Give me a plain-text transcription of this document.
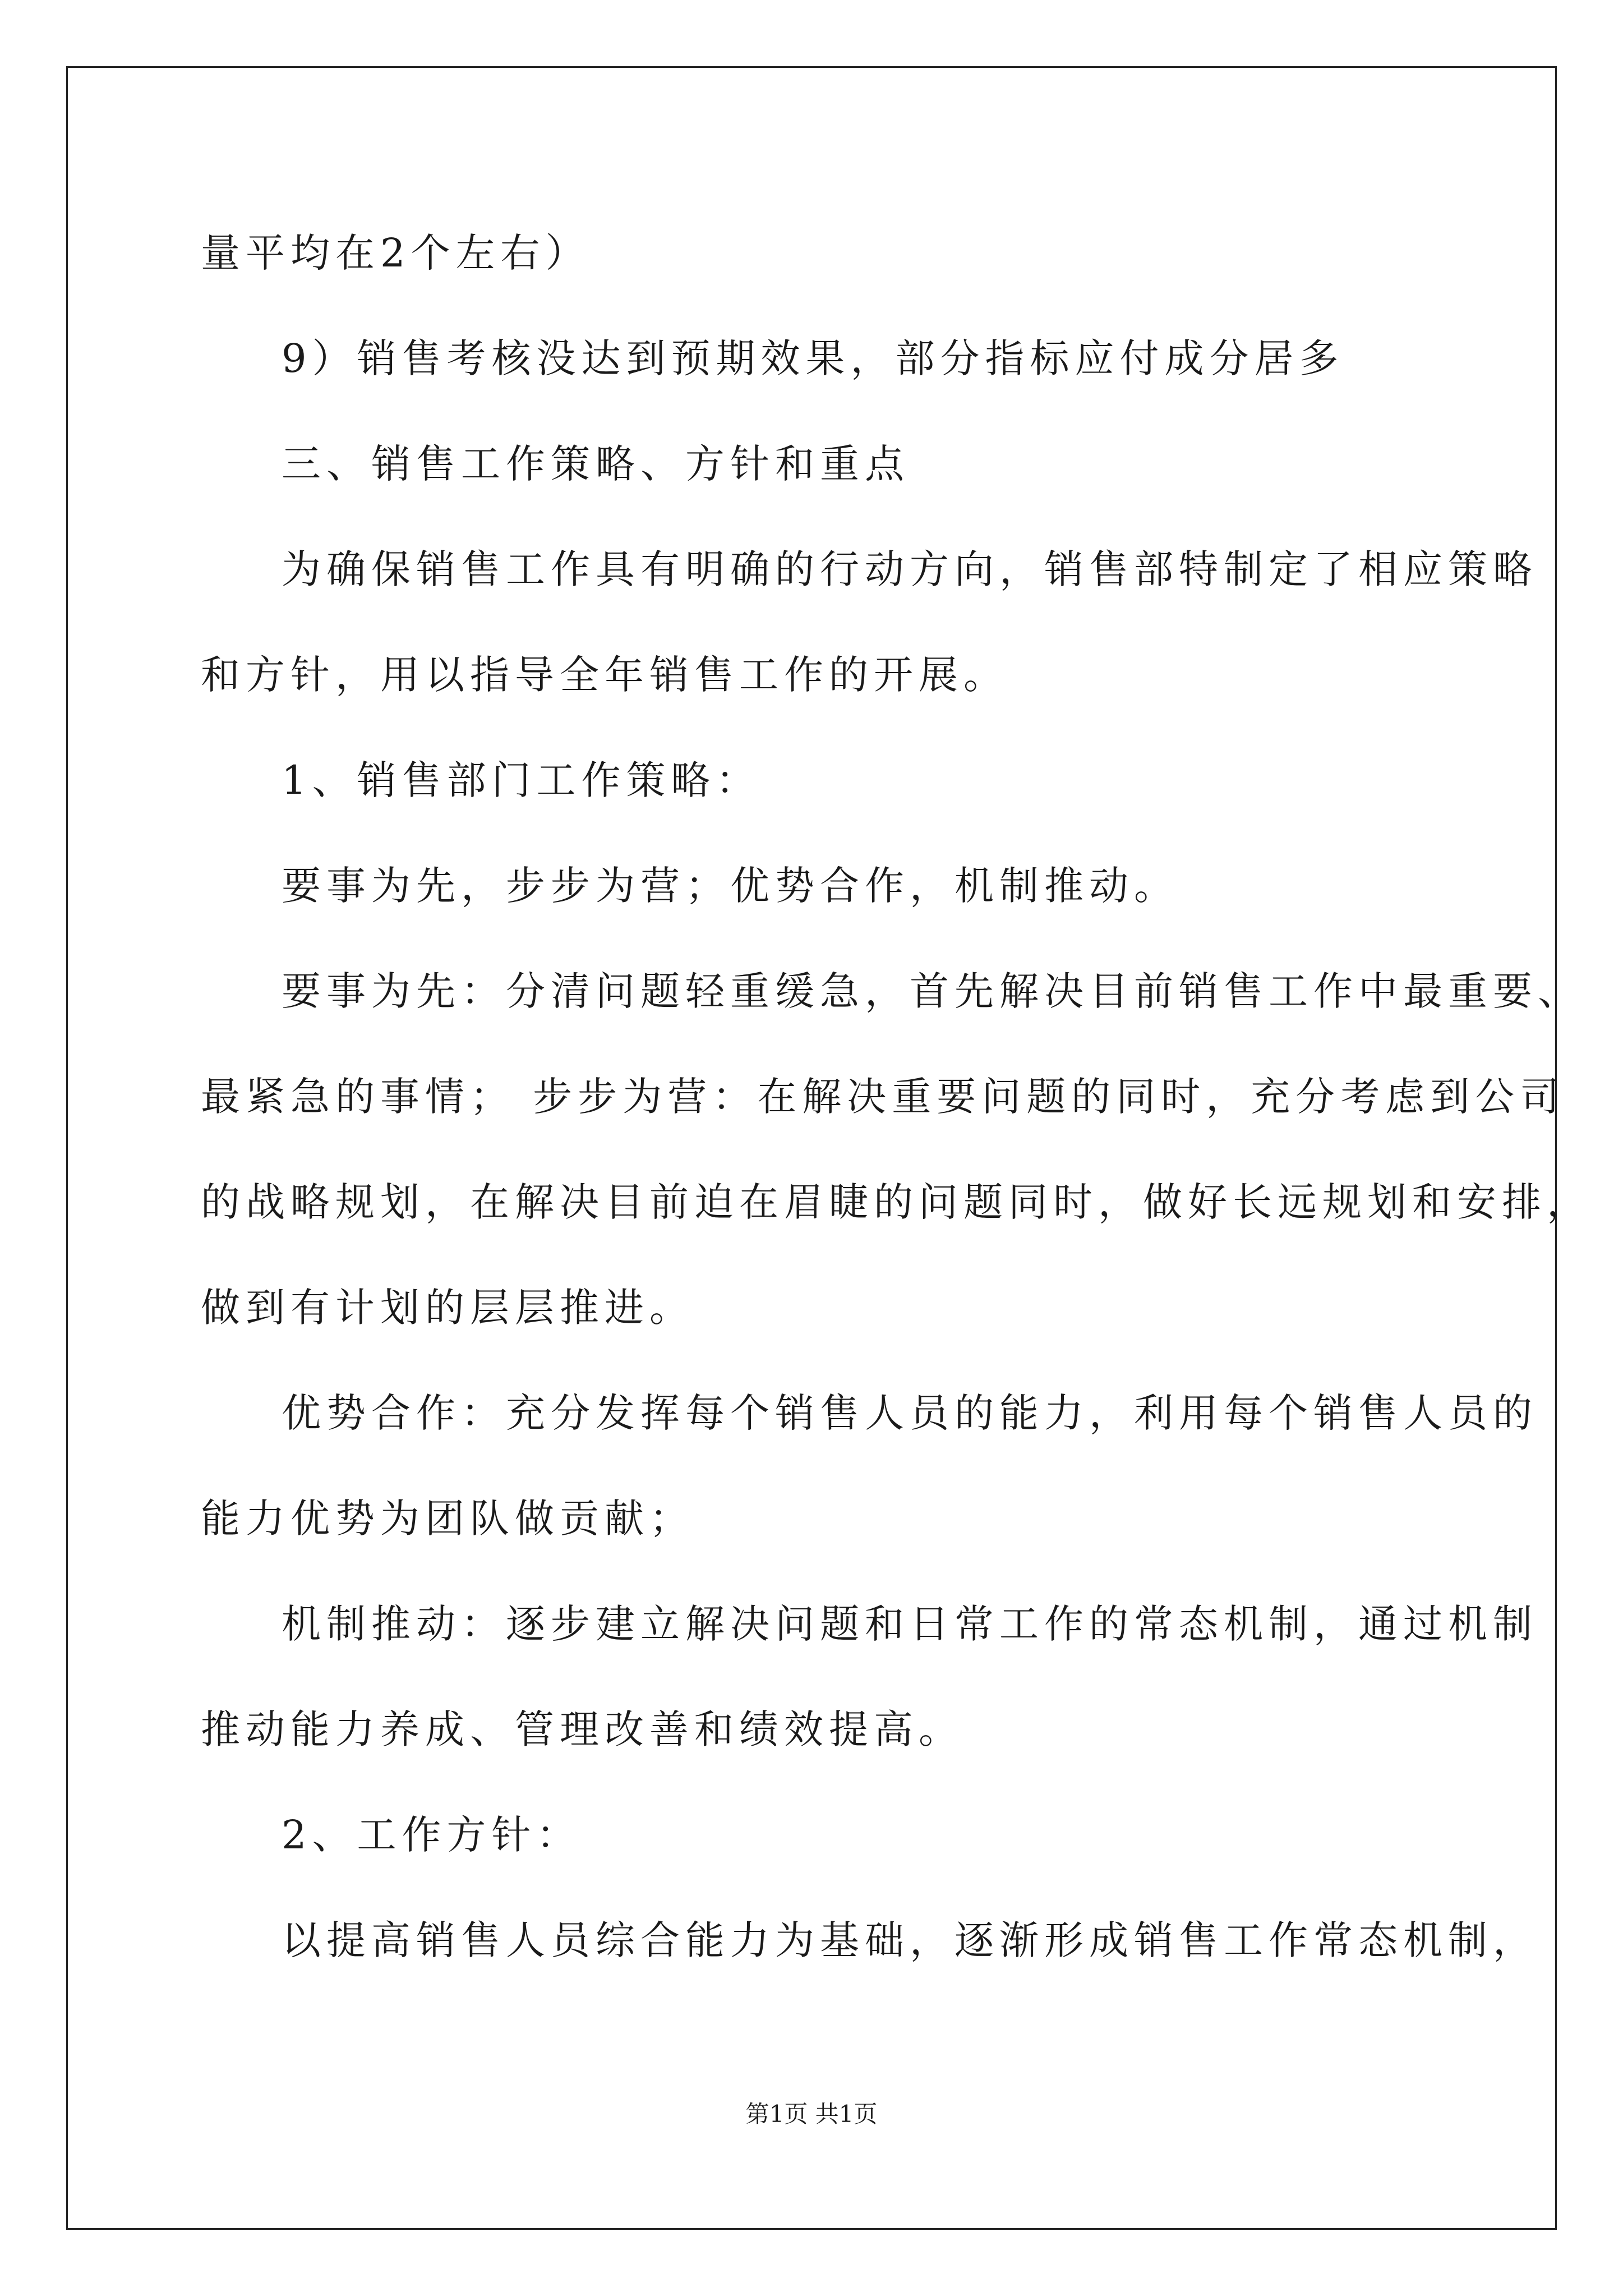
量平均在2个左右）
9）销售考核没达到预期效果，部分指标应付成分居多
三、销售工作策略、方针和重点
为确保销售工作具有明确的行动方向，销售部特制定了相应策略
和方针，用以指导全年销售工作的开展。
1、销售部门工作策略：
要事为先，步步为营；优势合作，机制推动。
要事为先：分清问题轻重缓急，首先解决目前销售工作中最重要、
最紧急的事情； 步步为营：在解决重要问题的同时，充分考虑到公司
的战略规划，在解决目前迫在眉睫的问题同时，做好长远规划和安排，
做到有计划的层层推进。
优势合作：充分发挥每个销售人员的能力，利用每个销售人员的
能力优势为团队做贡献；
机制推动：逐步建立解决问题和日常工作的常态机制，通过机制
推动能力养成、管理改善和绩效提高。
2、工作方针：
以提高销售人员综合能力为基础，逐渐形成销售工作常态机制，
第1页 共1页
